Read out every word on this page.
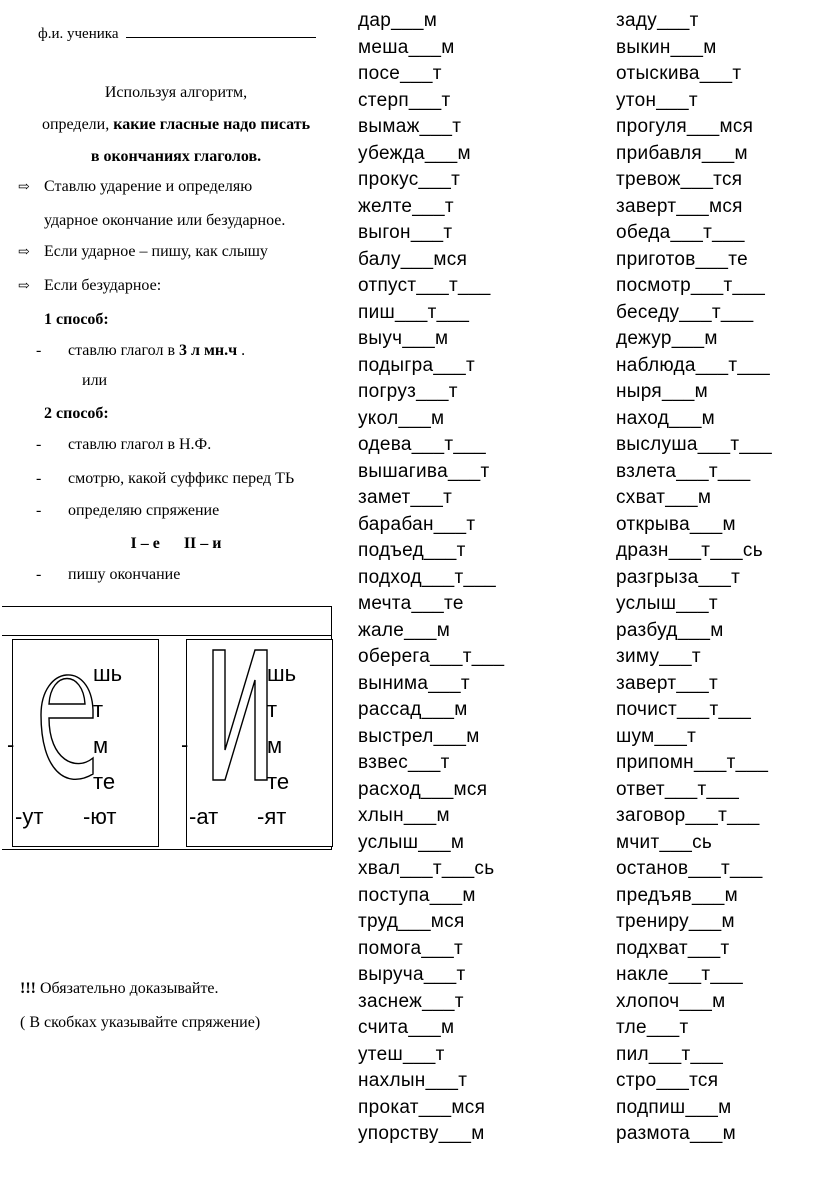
ф.и. ученика
Используя алгоритм,
определи, какие гласные надо писать
в окончаниях глаголов.
⇨ Ставлю ударение и определяю
ударное окончание или безударное.
⇨ Если ударное – пишу, как слышу
⇨ Если безударное:
1 способ:
- ставлю глагол в 3 л мн.ч .
или
2 способ:
- ставлю глагол в Н.Ф.
- смотрю, какой суффикс перед ТЬ
- определяю спряжение
I – е      II – и
- пишу окончание
-
шь
т
м
те
-ут -ют
-
шь
т
м
те
-ат -ят
!!! Обязательно доказывайте.
( В скобках указывайте спряжение)
дар___м
меша___м
посе___т
стерп___т
вымаж___т
убежда___м
прокус___т
желте___т
выгон___т
балу___мся
отпуст___т___
пиш___т___
выуч___м
подыгра___т
погруз___т
укол___м
одева___т___
вышагива___т
замет___т
барабан___т
подъед___т
подход___т___
мечта___те
жале___м
оберега___т___
вынима___т
рассад___м
выстрел___м
взвес___т
расход___мся
хлын___м
услыш___м
хвал___т___сь
поступа___м
труд___мся
помога___т
выруча___т
заснеж___т
счита___м
утеш___т
нахлын___т
прокат___мся
упорству___м
заду___т
выкин___м
отыскива___т
утон___т
прогуля___мся
прибавля___м
тревож___тся
заверт___мся
обеда___т___
приготов___те
посмотр___т___
беседу___т___
дежур___м
наблюда___т___
ныря___м
наход___м
выслуша___т___
взлета___т___
схват___м
открыва___м
дразн___т___сь
разгрыза___т
услыш___т
разбуд___м
зиму___т
заверт___т
почист___т___
шум___т
припомн___т___
ответ___т___
заговор___т___
мчит___сь
останов___т___
предъяв___м
трениру___м
подхват___т
накле___т___
хлопоч___м
тле___т
пил___т___
стро___тся
подпиш___м
размота___м
